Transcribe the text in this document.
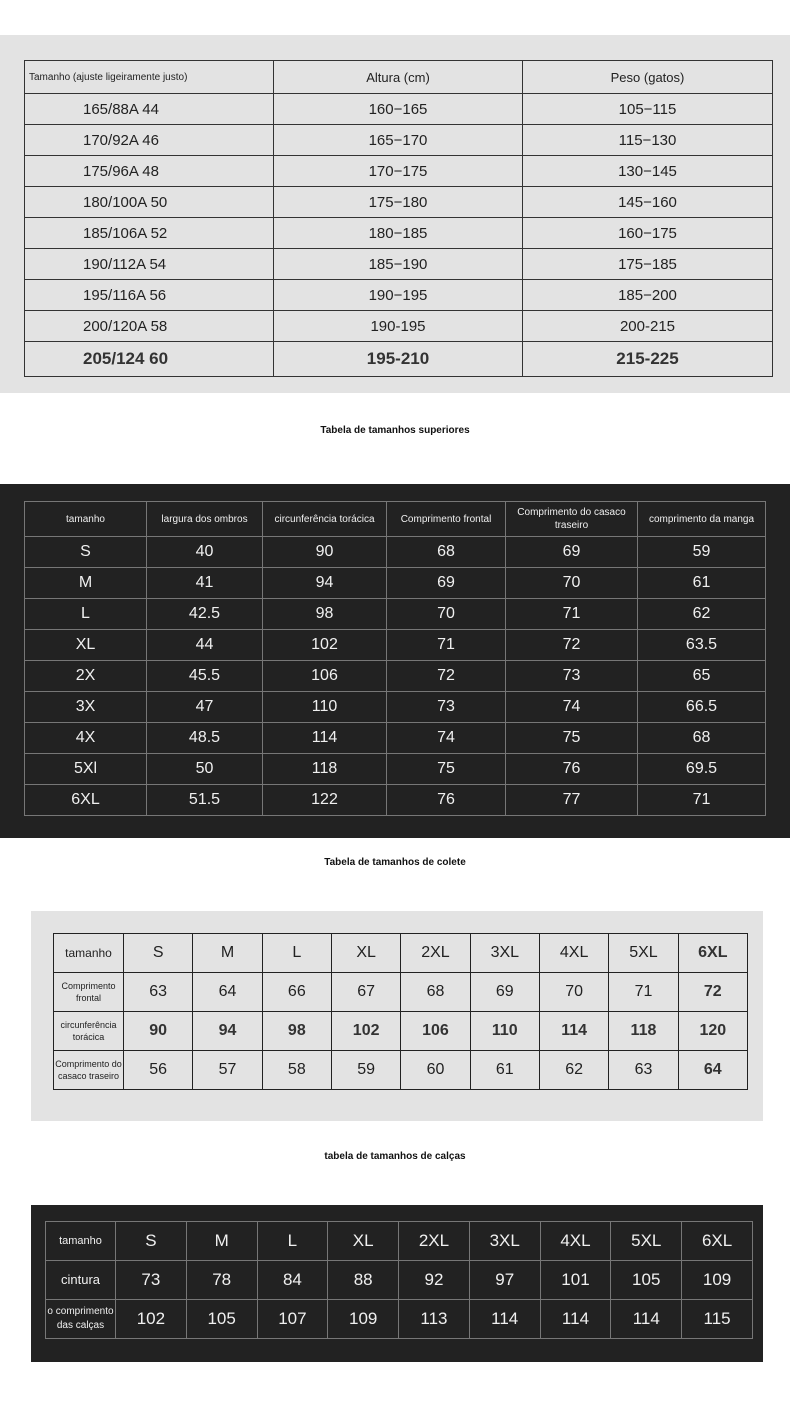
Tamanho (ajuste ligeiramente justo)	Altura (cm)	Peso (gatos)
165/88A 44	160−165	105−115
170/92A 46	165−170	115−130
175/96A 48	170−175	130−145
180/100A 50	175−180	145−160
185/106A 52	180−185	160−175
190/112A 54	185−190	175−185
195/116A 56	190−195	185−200
200/120A 58	190-195	200-215
205/124 60	195-210	215-225
Tabela de tamanhos superiores
tamanho	largura dos ombros	circunferência torácica	Comprimento frontal	Comprimento do casaco traseiro	comprimento da manga
S	40	90	68	69	59
M	41	94	69	70	61
L	42.5	98	70	71	62
XL	44	102	71	72	63.5
2X	45.5	106	72	73	65
3X	47	110	73	74	66.5
4X	48.5	114	74	75	68
5Xl	50	118	75	76	69.5
6XL	51.5	122	76	77	71
Tabela de tamanhos de colete
tamanho	S	M	L	XL	2XL	3XL	4XL	5XL	6XL
Comprimento frontal	63	64	66	67	68	69	70	71	72
circunferência torácica	90	94	98	102	106	110	114	118	120
Comprimento do casaco traseiro	56	57	58	59	60	61	62	63	64
tabela de tamanhos de calças
tamanho	S	M	L	XL	2XL	3XL	4XL	5XL	6XL
cintura	73	78	84	88	92	97	101	105	109
o comprimento das calças	102	105	107	109	113	114	114	114	115
